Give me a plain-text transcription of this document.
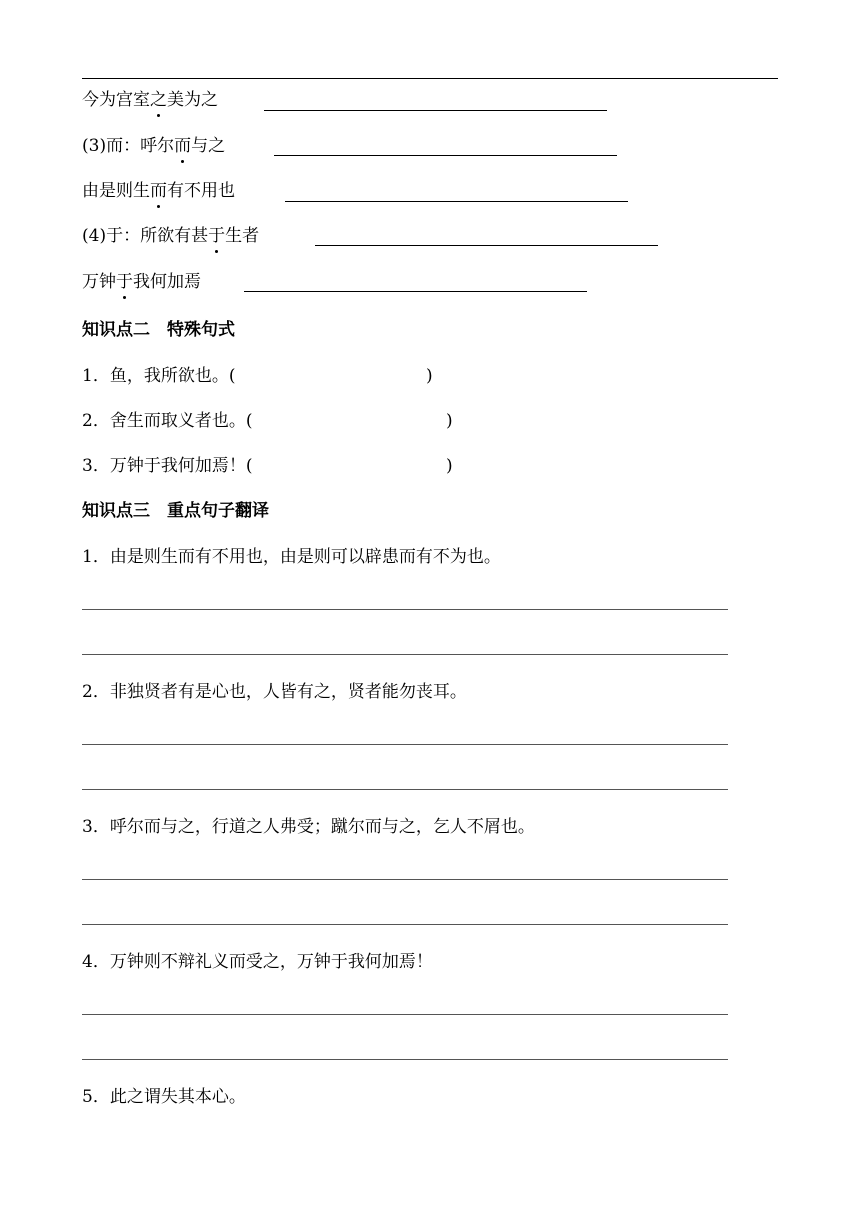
今为宫室之美为之
(3)而：呼尔而与之
由是则生而有不用也
(4)于：所欲有甚于生者
万钟于我何加焉
知识点二　特殊句式
1．鱼，我所欲也。(	)
2．舍生而取义者也。(	)
3．万钟于我何加焉！(	)
知识点三　重点句子翻译
1．由是则生而有不用也，由是则可以辟患而有不为也。
2．非独贤者有是心也，人皆有之，贤者能勿丧耳。
3．呼尔而与之，行道之人弗受；蹴尔而与之，乞人不屑也。
4．万钟则不辩礼义而受之，万钟于我何加焉！
5．此之谓失其本心。
